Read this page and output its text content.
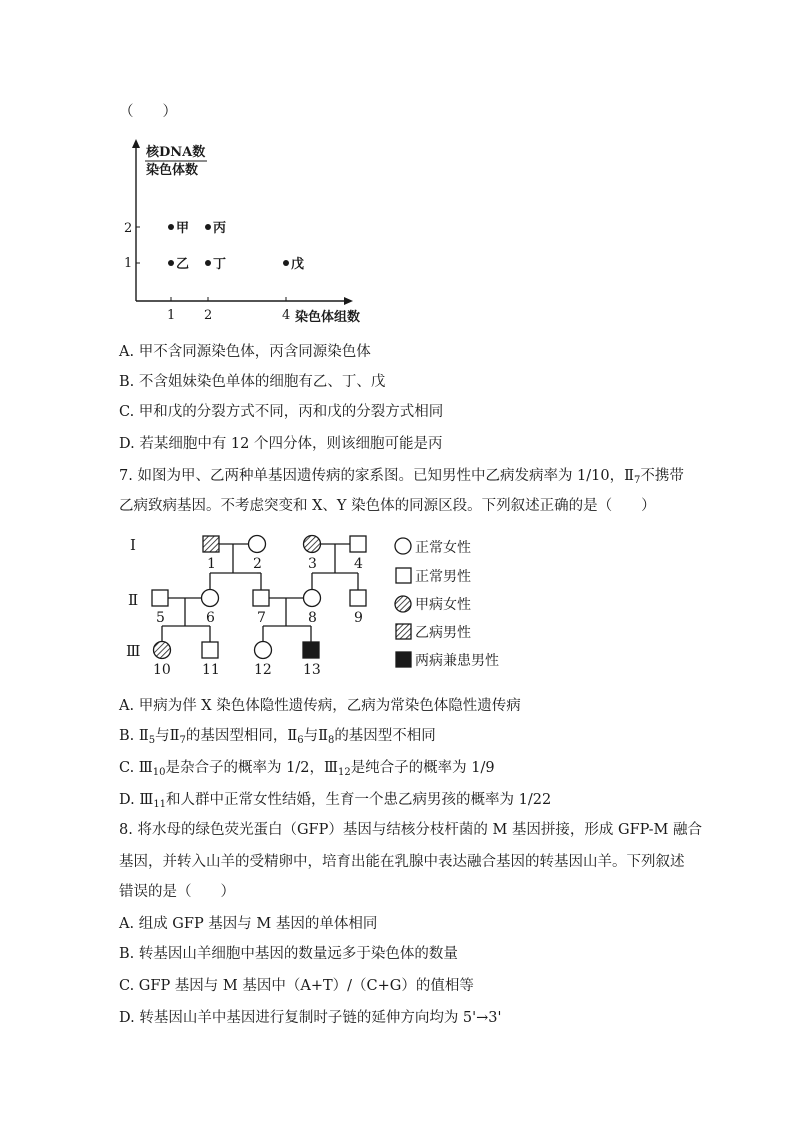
（　　）
核DNA数
染色体数
2
1
1 2	4 染色体组数
甲 丙
乙 丁	戊
A. 甲不含同源染色体，丙含同源染色体
B. 不含姐妹染色单体的细胞有乙、丁、戊
C. 甲和戊的分裂方式不同，丙和戊的分裂方式相同
D. 若某细胞中有 12 个四分体，则该细胞可能是丙
7. 如图为甲、乙两种单基因遗传病的家系图。已知男性中乙病发病率为 1/10，$Ⅱ_7$不携带
乙病致病基因。不考虑突变和 X、Y 染色体的同源区段。下列叙述正确的是（　　）
Ⅰ
Ⅱ
Ⅲ
1	2	3	4
5	6	7	8	9
10 11 12 13
正常女性
正常男性
甲病女性
乙病男性
两病兼患男性
A. 甲病为伴 X 染色体隐性遗传病，乙病为常染色体隐性遗传病
B. $Ⅱ_5$与$Ⅱ_7$的基因型相同，$Ⅱ_6$与$Ⅱ_8$的基因型不相同
C. $Ⅲ_{10}$是杂合子的概率为 1/2，$Ⅲ_{12}$是纯合子的概率为 1/9
D. $Ⅲ_{11}$和人群中正常女性结婚，生育一个患乙病男孩的概率为 1/22
8. 将水母的绿色荧光蛋白（GFP）基因与结核分枝杆菌的 M 基因拼接，形成 GFP-M 融合
基因，并转入山羊的受精卵中，培育出能在乳腺中表达融合基因的转基因山羊。下列叙述
错误的是（　　）
A. 组成 GFP 基因与 M 基因的单体相同
B. 转基因山羊细胞中基因的数量远多于染色体的数量
C. GFP 基因与 M 基因中（A+T）/（C+G）的值相等
D. 转基因山羊中基因进行复制时子链的延伸方向均为 5'→3'
